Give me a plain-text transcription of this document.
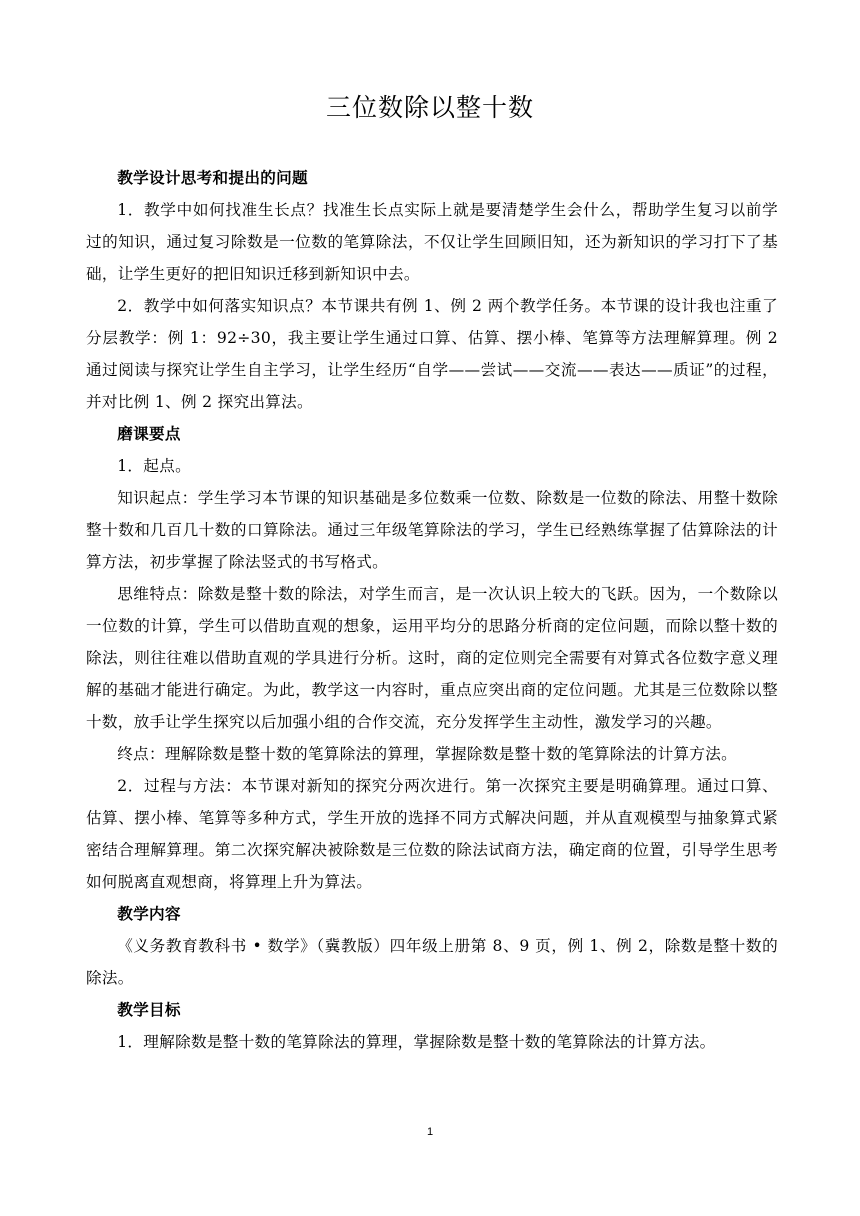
三位数除以整十数

教学设计思考和提出的问题

1．教学中如何找准生长点？找准生长点实际上就是要清楚学生会什么，帮助学生复习以前学过的知识，通过复习除数是一位数的笔算除法，不仅让学生回顾旧知，还为新知识的学习打下了基础，让学生更好的把旧知识迁移到新知识中去。

2．教学中如何落实知识点？本节课共有例 1、例 2 两个教学任务。本节课的设计我也注重了分层教学：例 1：92÷30，我主要让学生通过口算、估算、摆小棒、笔算等方法理解算理。例 2 通过阅读与探究让学生自主学习，让学生经历“自学——尝试——交流——表达——质证”的过程，并对比例 1、例 2 探究出算法。

磨课要点

1．起点。

知识起点：学生学习本节课的知识基础是多位数乘一位数、除数是一位数的除法、用整十数除整十数和几百几十数的口算除法。通过三年级笔算除法的学习，学生已经熟练掌握了估算除法的计算方法，初步掌握了除法竖式的书写格式。

思维特点：除数是整十数的除法，对学生而言，是一次认识上较大的飞跃。因为，一个数除以一位数的计算，学生可以借助直观的想象，运用平均分的思路分析商的定位问题，而除以整十数的除法，则往往难以借助直观的学具进行分析。这时，商的定位则完全需要有对算式各位数字意义理解的基础才能进行确定。为此，教学这一内容时，重点应突出商的定位问题。尤其是三位数除以整十数，放手让学生探究以后加强小组的合作交流，充分发挥学生主动性，激发学习的兴趣。

终点：理解除数是整十数的笔算除法的算理，掌握除数是整十数的笔算除法的计算方法。

2．过程与方法：本节课对新知的探究分两次进行。第一次探究主要是明确算理。通过口算、估算、摆小棒、笔算等多种方式，学生开放的选择不同方式解决问题，并从直观模型与抽象算式紧密结合理解算理。第二次探究解决被除数是三位数的除法试商方法，确定商的位置，引导学生思考如何脱离直观想商，将算理上升为算法。

教学内容

《义务教育教科书 • 数学》（冀教版）四年级上册第 8、9 页，例 1、例 2，除数是整十数的除法。

教学目标

1．理解除数是整十数的笔算除法的算理，掌握除数是整十数的笔算除法的计算方法。

1
